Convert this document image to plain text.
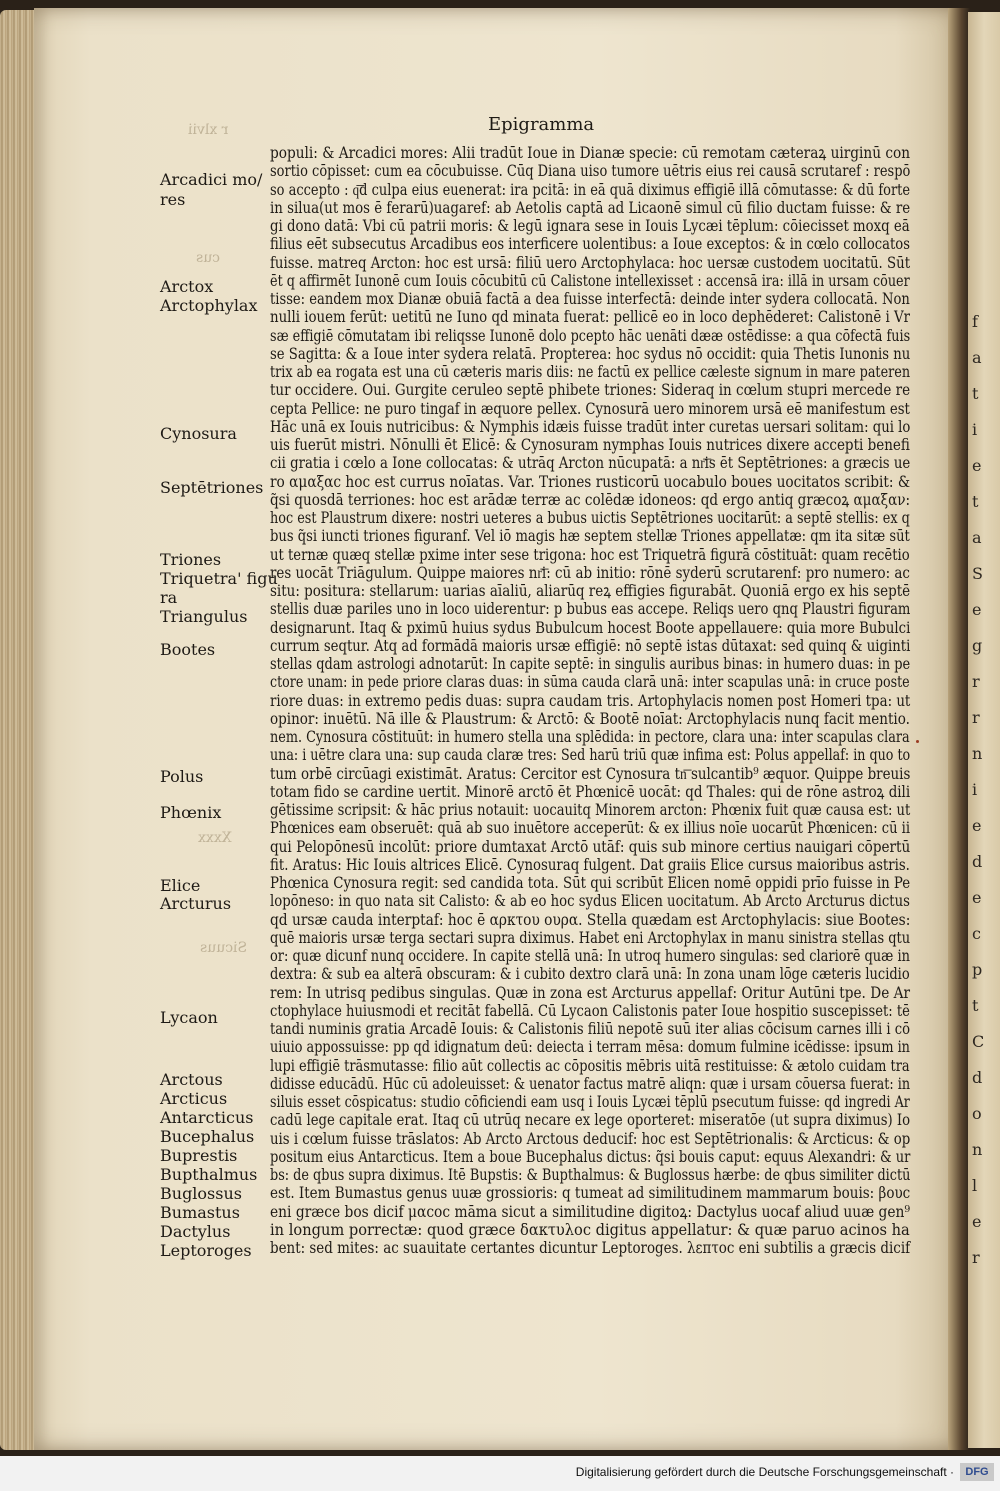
f
a
t
i
e
t
a
S
e
g
r
r
n
i
e
d
e
c
p
t
C
d
o
n
l
e
r
r xlvii
cus
Xxxx
Sicuus
Epigramma
Arcadici mo/
res
Arctox
Arctophylax
Cynosura
Septētriones
Triones
Triquetra' figu
ra
Triangulus
Bootes
Polus
Phœnix
Elice
Arcturus
Lycaon
Arctous
Arcticus
Antarcticus
Bucephalus
Buprestis
Bupthalmus
Buglossus
Bumastus
Dactylus
Leptoroges
populi: & Arcadici mores: Alii tradūt Ioue in Dianæ specie: cū remotam cæteraꝝ uirginū con
sortio cōpisset: cum ea cōcubuisse. Cūq Diana uiso tumore uētris eius rei causā scrutaref : respō
so accepto : q͞d culpa eius euenerat: ira pcitā: in eā quā diximus effigiē illā cōmutasse: & dū forte
in silua(ut mos ē ferarū)uagaref: ab Aetolis captā ad Licaonē simul cū filio ductam fuisse: & re
gi dono datā: Vbi cū patrii moris: & legū ignara sese in Iouis Lycæi tēplum: cōiecisset moxq eā
filius eēt subsecutus Arcadibus eos interficere uolentibus: a Ioue exceptos: & in cœlo collocatos
fuisse. matreq Arcton: hoc est ursā: filiū uero Arctophylaca: hoc uersæ custodem uocitatū. Sūt
ēt q affirmēt Iunonē cum Iouis cōcubitū cū Calistone intellexisset : accensā ira: illā in ursam cōuer
tisse: eandem mox Dianæ obuiā factā a dea fuisse interfectā: deinde inter sydera collocatā. Non
nulli iouem ferūt: uetitū ne Iuno qd minata fuerat: pellicē eo in loco dephēderet: Calistonē i Vr
sæ effigiē cōmutatam ibi reliqsse Iunonē dolo pcepto hāc uenāti dææ ostēdisse: a qua cōfectā fuis
se Sagitta: & a Ioue inter sydera relatā. Propterea: hoc sydus nō occidit: quia Thetis Iunonis nu
trix ab ea rogata est una cū cæteris maris diis: ne factū ex pellice cæleste signum in mare pateren
tur occidere. Oui. Gurgite ceruleo septē phibete triones: Sideraq in cœlum stupri mercede re
cepta Pellice: ne puro tingaf in æquore pellex. Cynosurā uero minorem ursā eē manifestum est
Hāc unā ex Iouis nutricibus: & Nymphis idæis fuisse tradūt inter curetas uersari solitam: qui lo
uis fuerūt mistri. Nōnulli ēt Elicē: & Cynosuram nymphas Iouis nutrices dixere accepti benefi
cii gratia i cœlo a Ione collocatas: & utrāq Arcton nūcupatā: a nr͞is ēt Septētriones: a græcis ue
ro αμαξαϲ hoc est currus noīatas. Var. Triones rusticorū uocabulo boues uocitatos scribit: &
q̃si quosdā terriones: hoc est arādæ terræ ac colēdæ idoneos: qd ergo antiq græcoꝝ αμαξαν:
hoc est Plaustrum dixere: nostri ueteres a bubus uictis Septētriones uocitarūt: a septē stellis: ex q
bus q̃si iuncti triones figuranf. Vel iō magis hæ septem stellæ Triones appellatæ: qm ita sitæ sūt
ut ternæ quæq stellæ pxime inter sese trigona: hoc est Triquetrā figurā cōstituāt: quam recētio
res uocāt Triāgulum. Quippe maiores nr͞i: cū ab initio: rōnē syderū scrutarenf: pro numero: ac
situ: positura: stellarum: uarias aīaliū, aliarūq reꝝ effigies figurabāt. Quoniā ergo ex his septē
stellis duæ pariles uno in loco uiderentur: p bubus eas accepe. Reliqs uero qnq Plaustri figuram
designarunt. Itaq & pximū huius sydus Bubulcum hocest Boote appellauere: quia more Bubulci
currum seqtur. Atq ad formādā maioris ursæ effigiē: nō septē istas dūtaxat: sed quinq & uiginti
stellas qdam astrologi adnotarūt: In capite septē: in singulis auribus binas: in humero duas: in pe
ctore unam: in pede priore claras duas: in sūma cauda clarā unā: inter scapulas unā: in cruce poste
riore duas: in extremo pedis duas: supra caudam tris. Artophylacis nomen post Homeri tpa: ut
opinor: inuētū. Nā ille & Plaustrum: & Arctō: & Bootē noīat: Arctophylacis nunq facit mentio.
nem. Cynosura cōstituūt: in humero stella una splēdida: in pectore, clara una: inter scapulas clara
una: i uētre clara una: sup cauda claræ tres: Sed harū triū quæ infima est: Polus appellaf: in quo to
tum orbē circūagi existimāt. Aratus: Cercitor est Cynosura tn͞ sulcantib⁹ æquor. Quippe breuis
totam fido se cardine uertit. Minorē arctō ēt Phœnicē uocāt: qd Thales: qui de rōne astroꝝ dili
gētissime scripsit: & hāc prius notauit: uocauitq Minorem arcton: Phœnix fuit quæ causa est: ut
Phœnices eam obseruēt: quā ab suo inuētore acceperūt: & ex illius noīe uocarūt Phœnicen: cū ii
qui Pelopōnesū incolūt: priore dumtaxat Arctō utāf: quis sub minore certius nauigari cōpertū
fit. Aratus: Hic Iouis altrices Elicē. Cynosuraq fulgent. Dat graiis Elice cursus maioribus astris.
Phœnica Cynosura regit: sed candida tota. Sūt qui scribūt Elicen nomē oppidi prīo fuisse in Pe
lopōneso: in quo nata sit Calisto: & ab eo hoc sydus Elicen uocitatum. Ab Arcto Arcturus dictus
qd ursæ cauda interptaf: hoc ē αρκτου ουρα. Stella quædam est Arctophylacis: siue Bootes:
quē maioris ursæ terga sectari supra diximus. Habet eni Arctophylax in manu sinistra stellas qtu
or: quæ dicunf nunq occidere. In capite stellā unā: In utroq humero singulas: sed clariorē quæ in
dextra: & sub ea alterā obscuram: & i cubito dextro clarā unā: In zona unam lōge cæteris lucidio
rem: In utrisq pedibus singulas. Quæ in zona est Arcturus appellaf: Oritur Autūni tpe. De Ar
ctophylace huiusmodi et recitāt fabellā. Cū Lycaon Calistonis pater Ioue hospitio suscepisset: tē
tandi numinis gratia Arcadē Iouis: & Calistonis filiū nepotē suū iter alias cōcisum carnes illi i cō
uiuio appossuisse: pp qd idignatum deū: deiecta i terram mēsa: domum fulmine icēdisse: ipsum in
lupi effigiē trāsmutasse: filio aūt collectis ac cōpositis mēbris uitā restituisse: & ætolo cuidam tra
didisse educādū. Hūc cū adoleuisset: & uenator factus matrē aliqn: quæ i ursam cōuersa fuerat: in
siluis esset cōspicatus: studio cōficiendi eam usq i Iouis Lycæi tēplū psecutum fuisse: qd ingredi Ar
cadū lege capitale erat. Itaq cū utrūq necare ex lege oporteret: miseratōe (ut supra diximus) Io
uis i cœlum fuisse trāslatos: Ab Arcto Arctous deducif: hoc est Septētrionalis: & Arcticus: & op
positum eius Antarcticus. Item a boue Bucephalus dictus: q̃si bouis caput: equus Alexandri: & ur
bs: de qbus supra diximus. Itē Bupstis: & Bupthalmus: & Buglossus hærbe: de qbus similiter dictū
est. Item Bumastus genus uuæ grossioris: q tumeat ad similitudinem mammarum bouis: βουϲ
eni græce bos dicif μαϲοϲ māma sicut a similitudine digitoꝝ: Dactylus uocaf aliud uuæ gen⁹
in longum porrectæ: quod græce δακτυλοϲ digitus appellatur: & quæ paruo acinos ha
bent: sed mites: ac suauitate certantes dicuntur Leptoroges. λεπτοϲ eni subtilis a græcis dicif
Digitalisierung gefördert durch die Deutsche Forschungsgemeinschaft ·	DFG
